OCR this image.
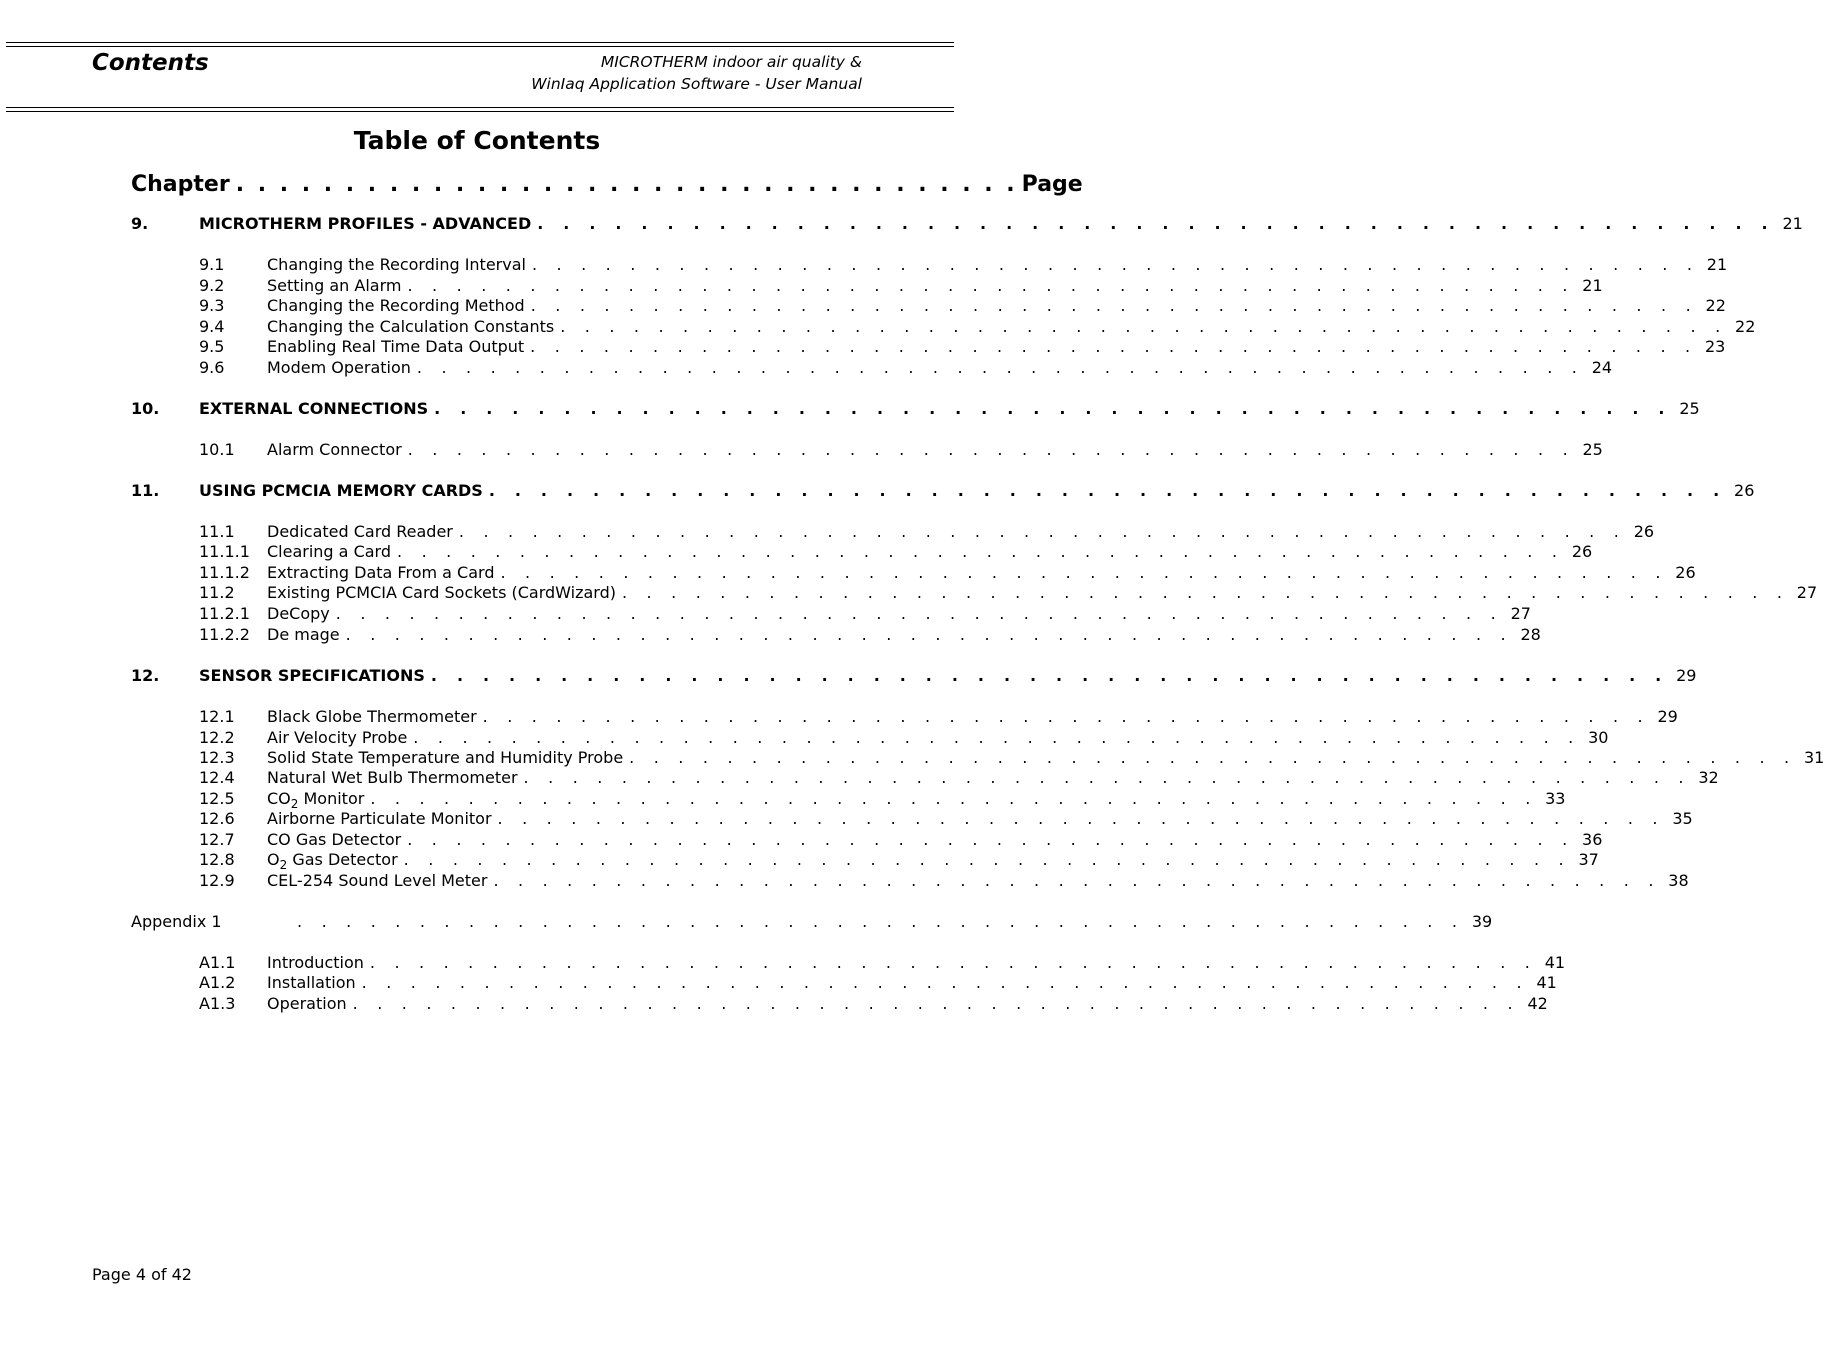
Contents	MICROTHERM indoor air quality &
WinIaq Application Software - User Manual
Table of Contents
Chapter . . . . . . . . . . . . . . . . . . . . . . . . . . . . . . . . . . . . Page
9.	MICROTHERM PROFILES - ADVANCED . . . . . . . . . . . . . . . . . . . . . . . . . . . . . . . . . . . . . . . . . . . . . . . . 21
9.1	Changing the Recording Interval . . . . . . . . . . . . . . . . . . . . . . . . . . . . . . . . . . . . . . . . . . . . . . . . 21
9.2	Setting an Alarm . . . . . . . . . . . . . . . . . . . . . . . . . . . . . . . . . . . . . . . . . . . . . . . . 21
9.3	Changing the Recording Method . . . . . . . . . . . . . . . . . . . . . . . . . . . . . . . . . . . . . . . . . . . . . . . . 22
9.4	Changing the Calculation Constants . . . . . . . . . . . . . . . . . . . . . . . . . . . . . . . . . . . . . . . . . . . . . . . . 22
9.5	Enabling Real Time Data Output . . . . . . . . . . . . . . . . . . . . . . . . . . . . . . . . . . . . . . . . . . . . . . . . 23
9.6	Modem Operation . . . . . . . . . . . . . . . . . . . . . . . . . . . . . . . . . . . . . . . . . . . . . . . . 24
10.	EXTERNAL CONNECTIONS . . . . . . . . . . . . . . . . . . . . . . . . . . . . . . . . . . . . . . . . . . . . . . . . 25
10.1	Alarm Connector . . . . . . . . . . . . . . . . . . . . . . . . . . . . . . . . . . . . . . . . . . . . . . . . 25
11.	USING PCMCIA MEMORY CARDS . . . . . . . . . . . . . . . . . . . . . . . . . . . . . . . . . . . . . . . . . . . . . . . . 26
11.1	Dedicated Card Reader . . . . . . . . . . . . . . . . . . . . . . . . . . . . . . . . . . . . . . . . . . . . . . . . 26
11.1.1	Clearing a Card . . . . . . . . . . . . . . . . . . . . . . . . . . . . . . . . . . . . . . . . . . . . . . . . 26
11.1.2	Extracting Data From a Card . . . . . . . . . . . . . . . . . . . . . . . . . . . . . . . . . . . . . . . . . . . . . . . . 26
11.2	Existing PCMCIA Card Sockets (CardWizard) . . . . . . . . . . . . . . . . . . . . . . . . . . . . . . . . . . . . . . . . . . . . . . . . 27
11.2.1	DeCopy . . . . . . . . . . . . . . . . . . . . . . . . . . . . . . . . . . . . . . . . . . . . . . . . 27
11.2.2	De mage . . . . . . . . . . . . . . . . . . . . . . . . . . . . . . . . . . . . . . . . . . . . . . . . 28
12.	SENSOR SPECIFICATIONS . . . . . . . . . . . . . . . . . . . . . . . . . . . . . . . . . . . . . . . . . . . . . . . . 29
12.1	Black Globe Thermometer . . . . . . . . . . . . . . . . . . . . . . . . . . . . . . . . . . . . . . . . . . . . . . . . 29
12.2	Air Velocity Probe . . . . . . . . . . . . . . . . . . . . . . . . . . . . . . . . . . . . . . . . . . . . . . . . 30
12.3	Solid State Temperature and Humidity Probe . . . . . . . . . . . . . . . . . . . . . . . . . . . . . . . . . . . . . . . . . . . . . . . . 31
12.4	Natural Wet Bulb Thermometer . . . . . . . . . . . . . . . . . . . . . . . . . . . . . . . . . . . . . . . . . . . . . . . . 32
12.5	$CO_2$ Monitor . . . . . . . . . . . . . . . . . . . . . . . . . . . . . . . . . . . . . . . . . . . . . . . . 33
12.6	Airborne Particulate Monitor . . . . . . . . . . . . . . . . . . . . . . . . . . . . . . . . . . . . . . . . . . . . . . . . 35
12.7	CO Gas Detector . . . . . . . . . . . . . . . . . . . . . . . . . . . . . . . . . . . . . . . . . . . . . . . . 36
12.8	$O_2$ Gas Detector . . . . . . . . . . . . . . . . . . . . . . . . . . . . . . . . . . . . . . . . . . . . . . . . 37
12.9	CEL-254 Sound Level Meter . . . . . . . . . . . . . . . . . . . . . . . . . . . . . . . . . . . . . . . . . . . . . . . . 38
Appendix 1	. . . . . . . . . . . . . . . . . . . . . . . . . . . . . . . . . . . . . . . . . . . . . . . . 39
A1.1	Introduction . . . . . . . . . . . . . . . . . . . . . . . . . . . . . . . . . . . . . . . . . . . . . . . . 41
A1.2	Installation . . . . . . . . . . . . . . . . . . . . . . . . . . . . . . . . . . . . . . . . . . . . . . . . 41
A1.3	Operation . . . . . . . . . . . . . . . . . . . . . . . . . . . . . . . . . . . . . . . . . . . . . . . . 42
Page 4 of 42
